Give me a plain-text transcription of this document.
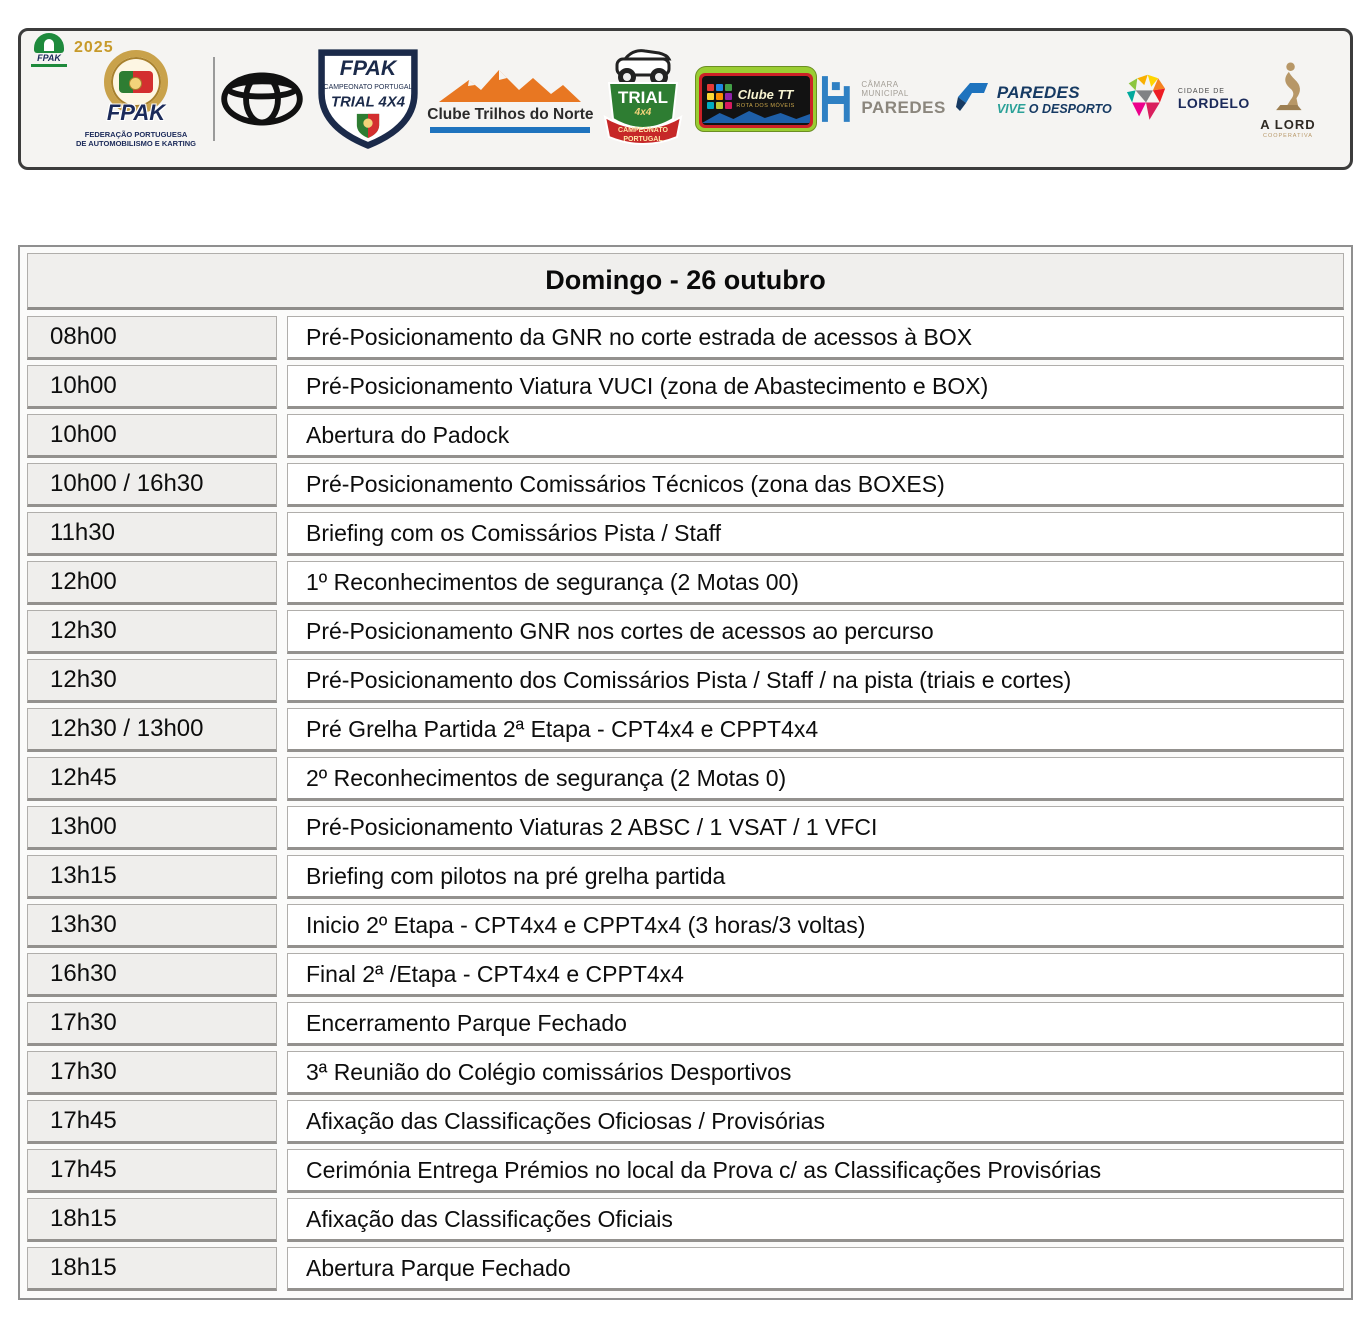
FPAK
2025
FPAK
FEDERAÇÃO PORTUGUESA
DE AUTOMOBILISMO E KARTING
FPAK
CAMPEONATO PORTUGAL
TRIAL 4X4
Clube Trilhos do Norte
TRIAL
4x4
CAMPEONATO
PORTUGAL
Clube TT
ROTA DOS MÓVEIS
CÂMARA MUNICIPAL
PAREDES
PAREDES
VIVE O DESPORTO
CIDADE DE
LORDELO
A LORD
COOPERATIVA
Domingo - 26 outubro
08h00	Pré-Posicionamento da GNR no corte estrada de acessos à BOX
10h00	Pré-Posicionamento Viatura VUCI (zona de Abastecimento e BOX)
10h00	Abertura do Padock
10h00 / 16h30	Pré-Posicionamento Comissários Técnicos (zona das BOXES)
11h30	Briefing com os Comissários Pista / Staff
12h00	1º Reconhecimentos de segurança (2 Motas 00)
12h30	Pré-Posicionamento GNR nos cortes de acessos ao percurso
12h30	Pré-Posicionamento dos Comissários Pista / Staff / na pista (triais e cortes)
12h30 / 13h00	Pré Grelha Partida 2ª Etapa - CPT4x4 e CPPT4x4
12h45	2º Reconhecimentos de segurança (2 Motas 0)
13h00	Pré-Posicionamento Viaturas 2 ABSC / 1 VSAT / 1 VFCI
13h15	Briefing com pilotos na pré grelha partida
13h30	Inicio 2º Etapa - CPT4x4 e CPPT4x4 (3 horas/3 voltas)
16h30	Final 2ª /Etapa - CPT4x4 e CPPT4x4
17h30	Encerramento Parque Fechado
17h30	3ª Reunião do Colégio comissários Desportivos
17h45	Afixação das Classificações Oficiosas / Provisórias
17h45	Cerimónia Entrega Prémios no local da Prova c/ as Classificações Provisórias
18h15	Afixação das Classificações Oficiais
18h15	Abertura Parque Fechado
